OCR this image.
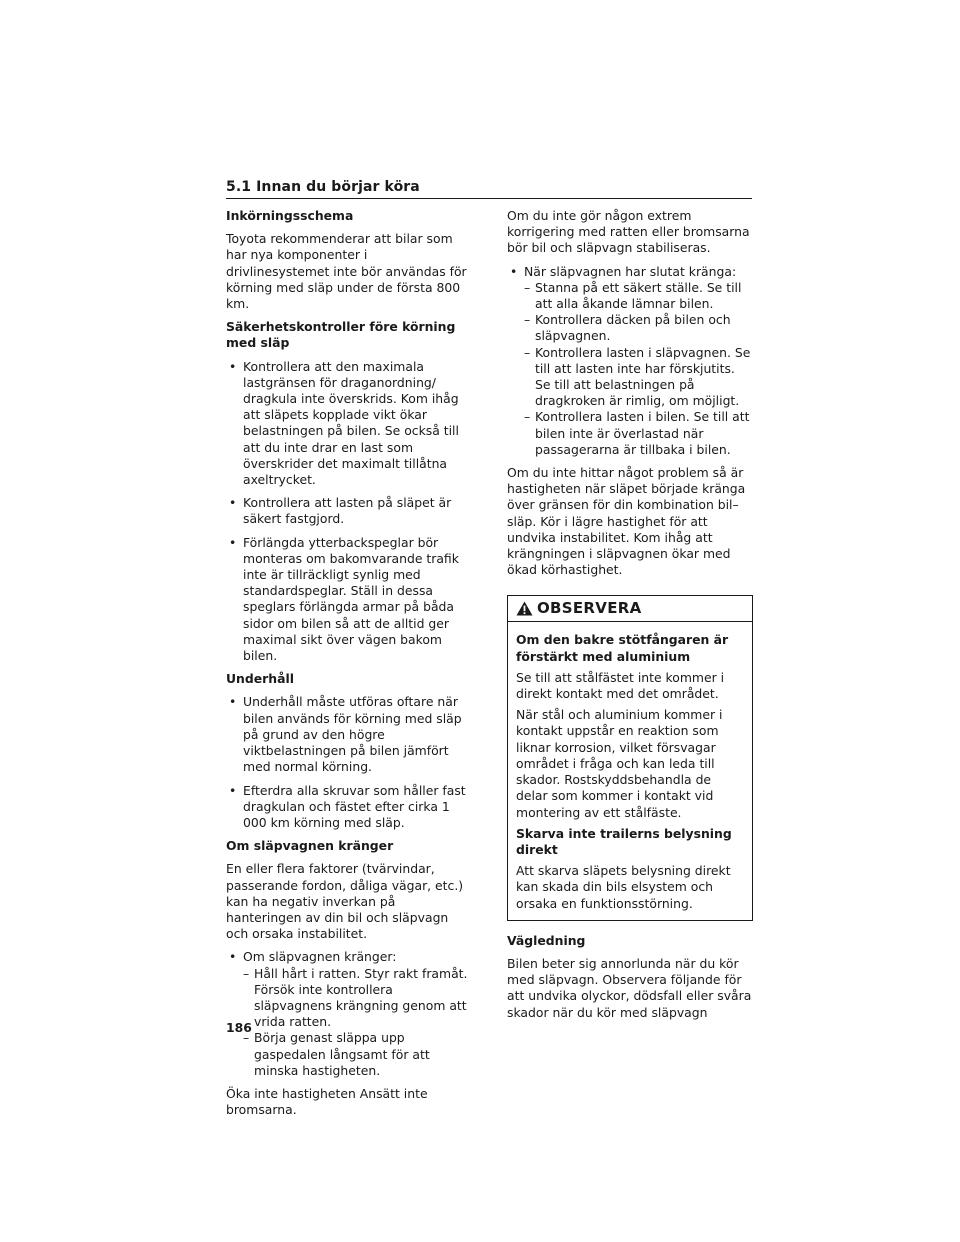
5.1 Innan du börjar köra
Inkörningsschema

Toyota rekommenderar att bilar som har nya komponenter i drivlinesystemet inte bör användas för körning med släp under de första 800 km.

Säkerhetskontroller före körning med släp
• Kontrollera att den maximala lastgränsen för draganordning/ dragkula inte överskrids. Kom ihåg att släpets kopplade vikt ökar belastningen på bilen. Se också till att du inte drar en last som överskrider det maximalt tillåtna axeltrycket.
• Kontrollera att lasten på släpet är säkert fastgjord.
• Förlängda ytterbackspeglar bör monteras om bakomvarande trafik inte är tillräckligt synlig med standardspeglar. Ställ in dessa speglars förlängda armar på båda sidor om bilen så att de alltid ger maximal sikt över vägen bakom bilen.
Underhåll
• Underhåll måste utföras oftare när bilen används för körning med släp på grund av den högre viktbelastningen på bilen jämfört med normal körning.
• Efterdra alla skruvar som håller fast dragkulan och fästet efter cirka 1 000 km körning med släp.
Om släpvagnen kränger

En eller flera faktorer (tvärvindar, passerande fordon, dåliga vägar, etc.) kan ha negativ inverkan på hanteringen av din bil och släpvagn och orsaka instabilitet.

• Om släpvagnen kränger:
– Håll hårt i ratten. Styr rakt framåt. Försök inte kontrollera släpvagnens krängning genom att vrida ratten.
– Börja genast släppa upp gaspedalen långsamt för att minska hastigheten.

Öka inte hastigheten Ansätt inte bromsarna.

Om du inte gör någon extrem korrigering med ratten eller bromsarna bör bil och släpvagn stabiliseras.

• När släpvagnen har slutat kränga:
– Stanna på ett säkert ställe. Se till att alla åkande lämnar bilen.
– Kontrollera däcken på bilen och släpvagnen.
– Kontrollera lasten i släpvagnen. Se till att lasten inte har förskjutits. Se till att belastningen på dragkroken är rimlig, om möjligt.
– Kontrollera lasten i bilen. Se till att bilen inte är överlastad när passagerarna är tillbaka i bilen.

Om du inte hittar något problem så är hastigheten när släpet började kränga över gränsen för din kombination bil–släp. Kör i lägre hastighet för att undvika instabilitet. Kom ihåg att krängningen i släpvagnen ökar med ökad körhastighet.

OBSERVERA
Om den bakre stötfångaren är förstärkt med aluminium

Se till att stålfästet inte kommer i direkt kontakt med det området.

När stål och aluminium kommer i kontakt uppstår en reaktion som liknar korrosion, vilket försvagar området i fråga och kan leda till skador. Rostskyddsbehandla de delar som kommer i kontakt vid montering av ett stålfäste.

Skarva inte trailerns belysning direkt

Att skarva släpets belysning direkt kan skada din bils elsystem och orsaka en funktionsstörning.

Vägledning

Bilen beter sig annorlunda när du kör med släpvagn. Observera följande för att undvika olyckor, dödsfall eller svåra skador när du kör med släpvagn

186
